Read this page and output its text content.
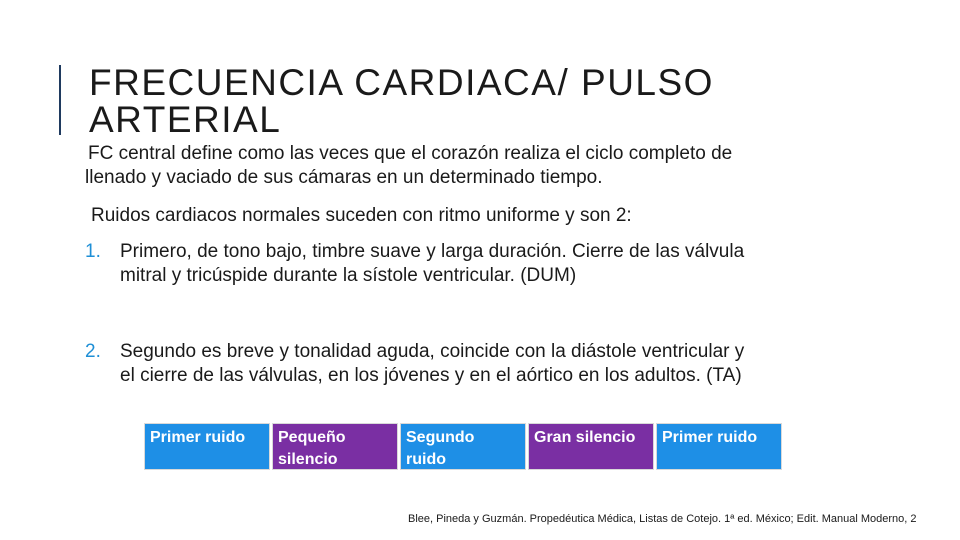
FRECUENCIA CARDIACA/ PULSO
ARTERIAL

FC central define como las veces que el corazón realiza el ciclo completo de
llenado y vaciado de sus cámaras en un determinado tiempo.

Ruidos cardiacos normales suceden con ritmo uniforme y son 2:

1. Primero, de tono bajo, timbre suave y larga duración. Cierre de las válvula
mitral y tricúspide durante la sístole ventricular. (DUM)
2. Segundo es breve y tonalidad aguda, coincide con la diástole ventricular y
el cierre de las válvulas, en los jóvenes y en el aórtico en los adultos. (TA)
Primer ruido	Pequeño
silencio
Segundo
ruido
Gran silencio	Primer ruido
Blee, Pineda y Guzmán. Propedéutica Médica, Listas de Cotejo. 1ª ed. México; Edit. Manual Moderno, 2
